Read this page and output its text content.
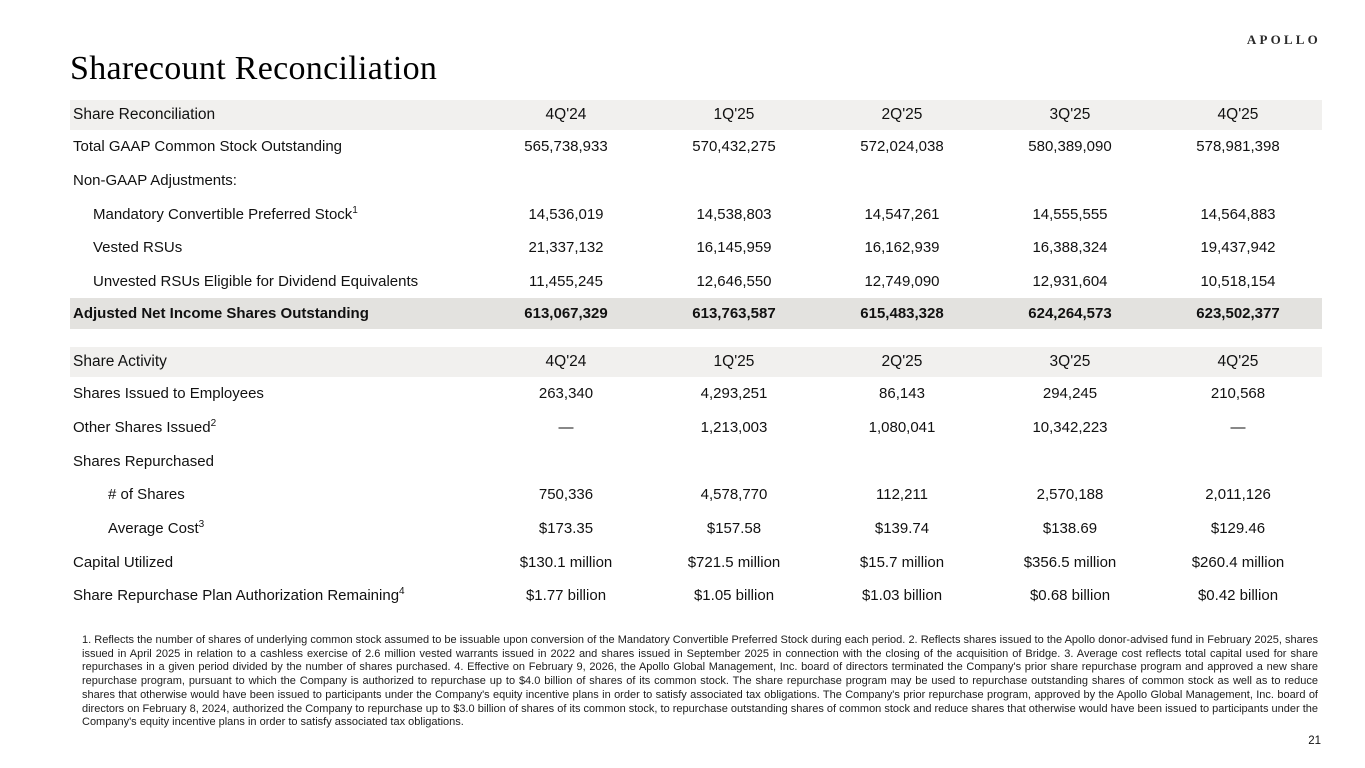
APOLLO
Sharecount Reconciliation
Share Reconciliation	4Q'24	1Q'25	2Q'25	3Q'25	4Q'25
Total GAAP Common Stock Outstanding	565,738,933	570,432,275	572,024,038	580,389,090	578,981,398
Non-GAAP Adjustments:
Mandatory Convertible Preferred Stock$^1$	14,536,019	14,538,803	14,547,261	14,555,555	14,564,883
Vested RSUs	21,337,132	16,145,959	16,162,939	16,388,324	19,437,942
Unvested RSUs Eligible for Dividend Equivalents	11,455,245	12,646,550	12,749,090	12,931,604	10,518,154
Adjusted Net Income Shares Outstanding	613,067,329	613,763,587	615,483,328	624,264,573	623,502,377
Share Activity	4Q'24	1Q'25	2Q'25	3Q'25	4Q'25
Shares Issued to Employees	263,340	4,293,251	86,143	294,245	210,568
Other Shares Issued$^2$	—	1,213,003	1,080,041	10,342,223	—
Shares Repurchased
# of Shares	750,336	4,578,770	112,211	2,570,188	2,011,126
Average Cost$^3$	$173.35	$157.58	$139.74	$138.69	$129.46
Capital Utilized	$130.1 million	$721.5 million	$15.7 million	$356.5 million	$260.4 million
Share Repurchase Plan Authorization Remaining$^4$	$1.77 billion	$1.05 billion	$1.03 billion	$0.68 billion	$0.42 billion
1. Reflects the number of shares of underlying common stock assumed to be issuable upon conversion of the Mandatory Convertible Preferred Stock during each period. 2. Reflects shares issued to the Apollo donor-advised fund in February 2025, shares issued in April 2025 in relation to a cashless exercise of 2.6 million vested warrants issued in 2022 and shares issued in September 2025 in connection with the closing of the acquisition of Bridge. 3. Average cost reflects total capital used for share repurchases in a given period divided by the number of shares purchased. 4. Effective on February 9, 2026, the Apollo Global Management, Inc. board of directors terminated the Company's prior share repurchase program and approved a new share repurchase program, pursuant to which the Company is authorized to repurchase up to $4.0 billion of shares of its common stock. The share repurchase program may be used to repurchase outstanding shares of common stock as well as to reduce shares that otherwise would have been issued to participants under the Company's equity incentive plans in order to satisfy associated tax obligations. The Company's prior repurchase program, approved by the Apollo Global Management, Inc. board of directors on February 8, 2024, authorized the Company to repurchase up to $3.0 billion of shares of its common stock, to repurchase outstanding shares of common stock and reduce shares that otherwise would have been issued to participants under the Company's equity incentive plans in order to satisfy associated tax obligations.
21
